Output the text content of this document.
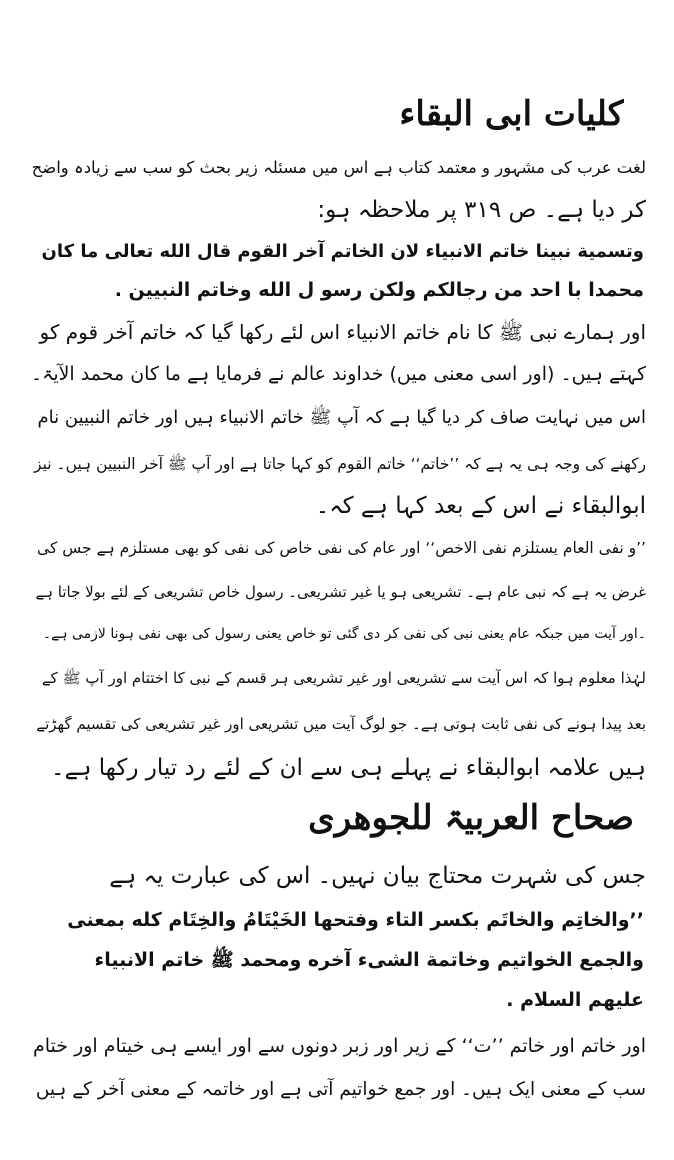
کلیات ابی البقاء
لغت عرب کی مشہور و معتمد کتاب ہے اس میں مسئلہ زیر بحث کو سب سے زیادہ واضح
کر دیا ہے۔ ص ۳۱۹ پر ملاحظہ ہو:
وتسمية نبينا خاتم الانبياء لان الخاتم آخر القوم قال الله تعالى ما كان
محمدا با احد من رجالكم ولكن رسو ل الله وخاتم النبيين .
اور ہمارے نبی ﷺ کا نام خاتم الانبیاء اس لئے رکھا گیا کہ خاتم آخر قوم کو
کہتے ہیں۔ (اور اسی معنی میں) خداوند عالم نے فرمایا ہے ما کان محمد الآیۃ۔
اس میں نہایت صاف کر دیا گیا ہے کہ آپ ﷺ خاتم الانبیاء ہیں اور خاتم النبیین نام
رکھنے کی وجہ ہی یہ ہے کہ ’’خاتم‘‘ خاتم القوم کو کہا جاتا ہے اور آپ ﷺ آخر النبیین ہیں۔ نیز
ابوالبقاء نے اس کے بعد کہا ہے کہ۔
’’و نفى العام يستلزم نفى الاخص‘‘ اور عام کی نفی خاص کی نفی کو بھی مستلزم ہے جس کی
غرض یہ ہے کہ نبی عام ہے۔ تشریعی ہو یا غیر تشریعی۔ رسول خاص تشریعی کے لئے بولا جاتا ہے
۔اور آیت میں جبکہ عام یعنی نبی کی نفی کر دی گئی تو خاص یعنی رسول کی بھی نفی ہونا لازمی ہے۔
لہٰذا معلوم ہوا کہ اس آیت سے تشریعی اور غیر تشریعی ہر قسم کے نبی کا اختتام اور آپ ﷺ کے
بعد پیدا ہونے کی نفی ثابت ہوتی ہے۔ جو لوگ آیت میں تشریعی اور غیر تشریعی کی تقسیم گھڑتے
ہیں علامہ ابوالبقاء نے پہلے ہی سے ان کے لئے رد تیار رکھا ہے۔
صحاح العربیۃ للجوھری
جس کی شہرت محتاج بیان نہیں۔ اس کی عبارت یہ ہے
’’والخاتِم والخاتَم بكسر التاء وفتحها الخَيْتَامُ والخِتَام كله بمعنى
والجمع الخواتيم وخاتمة الشىء آخره ومحمد ﷺ خاتم الانبياء
عليهم السلام .
اور خاتم اور خاتم ’’ت‘‘ کے زیر اور زبر دونوں سے اور ایسے ہی خیتام اور ختام
سب کے معنی ایک ہیں۔ اور جمع خواتیم آتی ہے اور خاتمہ کے معنی آخر کے ہیں
